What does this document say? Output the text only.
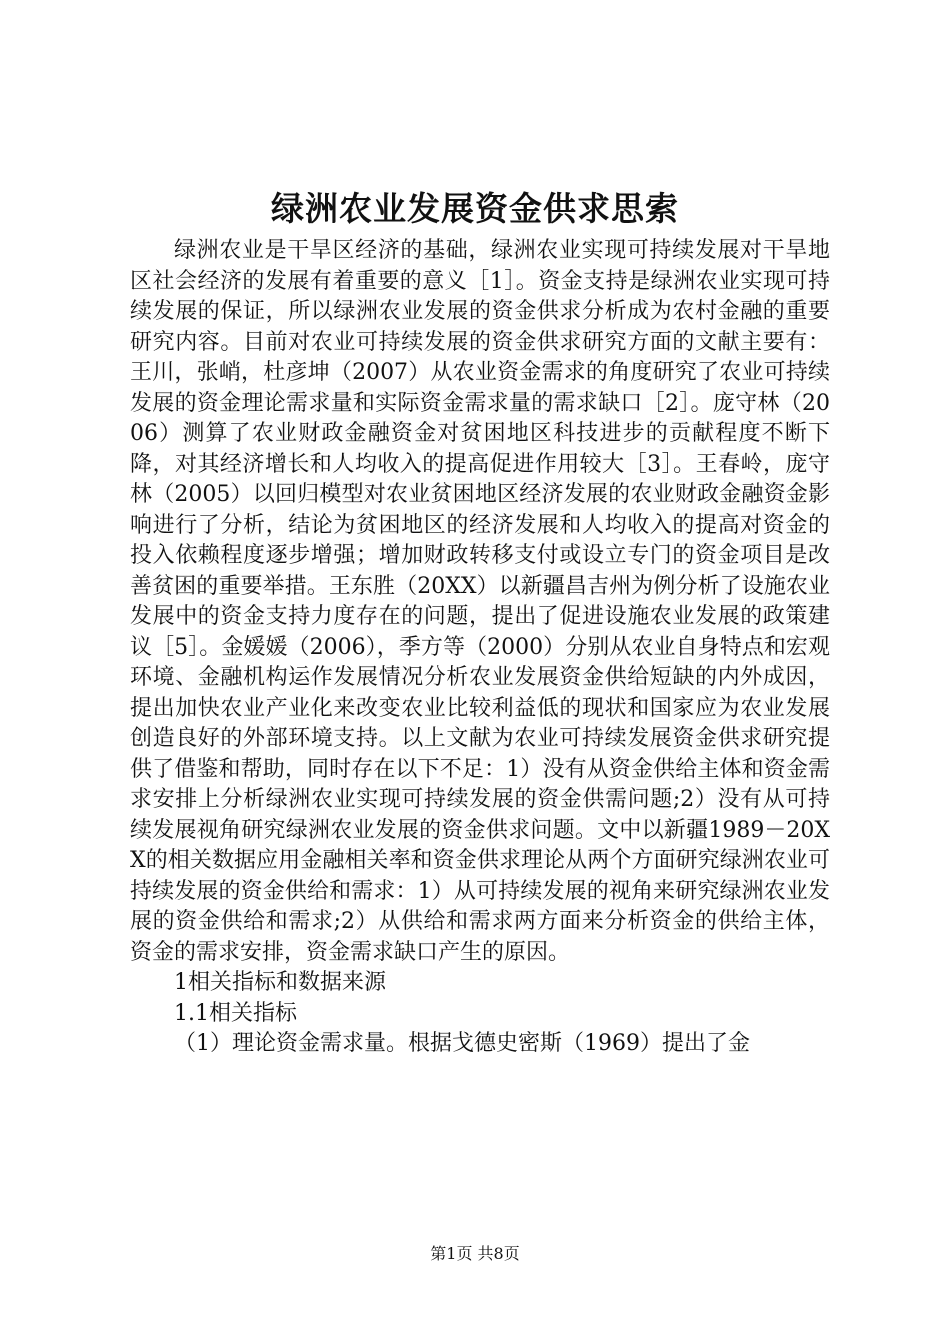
绿洲农业发展资金供求思索

绿洲农业是干旱区经济的基础，绿洲农业实现可持续发展对干旱地区社会经济的发展有着重要的意义［1］。资金支持是绿洲农业实现可持续发展的保证，所以绿洲农业发展的资金供求分析成为农村金融的重要研究内容。目前对农业可持续发展的资金供求研究方面的文献主要有：王川，张峭，杜彦坤（2007）从农业资金需求的角度研究了农业可持续发展的资金理论需求量和实际资金需求量的需求缺口［2］。庞守林（2006）测算了农业财政金融资金对贫困地区科技进步的贡献程度不断下降，对其经济增长和人均收入的提高促进作用较大［3］。王春岭，庞守林（2005）以回归模型对农业贫困地区经济发展的农业财政金融资金影响进行了分析，结论为贫困地区的经济发展和人均收入的提高对资金的投入依赖程度逐步增强；增加财政转移支付或设立专门的资金项目是改善贫困的重要举措。王东胜（20XX）以新疆昌吉州为例分析了设施农业发展中的资金支持力度存在的问题，提出了促进设施农业发展的政策建议［5］。金媛媛（2006），季方等（2000）分别从农业自身特点和宏观环境、金融机构运作发展情况分析农业发展资金供给短缺的内外成因，提出加快农业产业化来改变农业比较利益低的现状和国家应为农业发展创造良好的外部环境支持。以上文献为农业可持续发展资金供求研究提供了借鉴和帮助，同时存在以下不足：1）没有从资金供给主体和资金需求安排上分析绿洲农业实现可持续发展的资金供需问题;2）没有从可持续发展视角研究绿洲农业发展的资金供求问题。文中以新疆1989－20XX的相关数据应用金融相关率和资金供求理论从两个方面研究绿洲农业可持续发展的资金供给和需求：1）从可持续发展的视角来研究绿洲农业发展的资金供给和需求;2）从供给和需求两方面来分析资金的供给主体，资金的需求安排，资金需求缺口产生的原因。

1相关指标和数据来源

1.1相关指标

（1）理论资金需求量。根据戈德史密斯（1969）提出了金

第1页 共8页
